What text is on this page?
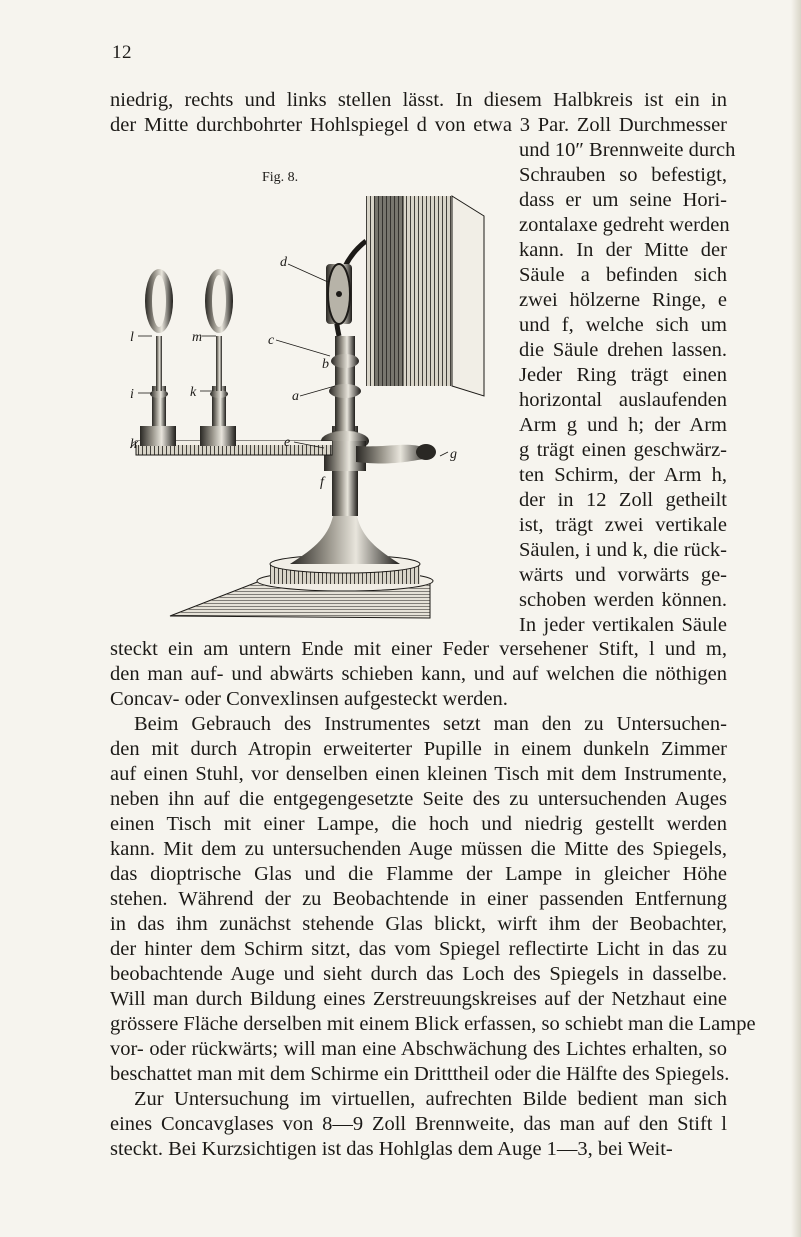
12
niedrig, rechts und links stellen lässt. In diesem Halbkreis ist ein in
der Mitte durchbohrter Hohlspiegel d von etwa 3 Par. Zoll Durchmesser
und 10″ Brennweite durch
Schrauben so befestigt,
dass er um seine Hori-
zontalaxe gedreht werden
kann. In der Mitte der
Säule a befinden sich
zwei hölzerne Ringe, e
und f, welche sich um
die Säule drehen lassen.
Jeder Ring trägt einen
horizontal auslaufenden
Arm g und h; der Arm
g trägt einen geschwärz-
ten Schirm, der Arm h,
der in 12 Zoll getheilt
ist, trägt zwei vertikale
Säulen, i und k, die rück-
wärts und vorwärts ge-
schoben werden können.
In jeder vertikalen Säule
Fig. 8.
d
l	m	c
i	k
b
a
h	e
g
f
steckt ein am untern Ende mit einer Feder versehener Stift, l und m,
den man auf- und abwärts schieben kann, und auf welchen die nöthigen
Concav- oder Convexlinsen aufgesteckt werden.
Beim Gebrauch des Instrumentes setzt man den zu Untersuchen-
den mit durch Atropin erweiterter Pupille in einem dunkeln Zimmer
auf einen Stuhl, vor denselben einen kleinen Tisch mit dem Instrumente,
neben ihn auf die entgegengesetzte Seite des zu untersuchenden Auges
einen Tisch mit einer Lampe, die hoch und niedrig gestellt werden
kann. Mit dem zu untersuchenden Auge müssen die Mitte des Spiegels,
das dioptrische Glas und die Flamme der Lampe in gleicher Höhe
stehen. Während der zu Beobachtende in einer passenden Entfernung
in das ihm zunächst stehende Glas blickt, wirft ihm der Beobachter,
der hinter dem Schirm sitzt, das vom Spiegel reflectirte Licht in das zu
beobachtende Auge und sieht durch das Loch des Spiegels in dasselbe.
Will man durch Bildung eines Zerstreuungskreises auf der Netzhaut eine
grössere Fläche derselben mit einem Blick erfassen, so schiebt man die Lampe
vor- oder rückwärts; will man eine Abschwächung des Lichtes erhalten, so
beschattet man mit dem Schirme ein Dritttheil oder die Hälfte des Spiegels.
Zur Untersuchung im virtuellen, aufrechten Bilde bedient man sich
eines Concavglases von 8—9 Zoll Brennweite, das man auf den Stift l
steckt. Bei Kurzsichtigen ist das Hohlglas dem Auge 1—3, bei Weit-
